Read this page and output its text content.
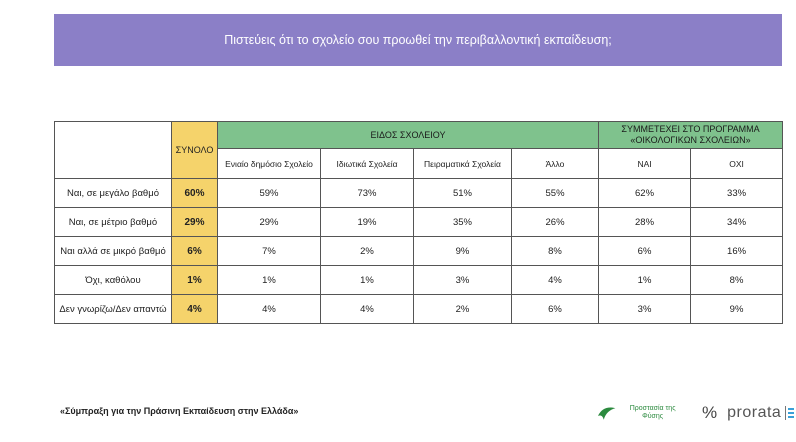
Πιστεύεις ότι το σχολείο σου προωθεί την περιβαλλοντική εκπαίδευση;
	ΣΥΝΟΛΟ	ΕΙΔΟΣ ΣΧΟΛΕΙΟΥ				ΣΥΜΜΕΤΕΧΕΙ ΣΤΟ ΠΡΟΓΡΑΜΜΑ «ΟΙΚΟΛΟΓΙΚΩΝ ΣΧΟΛΕΙΩΝ»	
		Ενιαίο δημόσιο Σχολείο	Ιδιωτικά Σχολεία	Πειραματικά Σχολεία	Άλλο	ΝΑΙ	ΟΧΙ
Ναι, σε μεγάλο βαθμό	60%	59%	73%	51%	55%	62%	33%
Ναι, σε μέτριο βαθμό	29%	29%	19%	35%	26%	28%	34%
Ναι αλλά σε μικρό βαθμό	6%	7%	2%	9%	8%	6%	16%
Όχι, καθόλου	1%	1%	1%	3%	4%	1%	8%
Δεν γνωρίζω/Δεν απαντώ	4%	4%	4%	2%	6%	3%	9%
«Σύμπραξη για την Πράσινη Εκπαίδευση στην Ελλάδα»	Προστασία της Φύσης	% prorata
